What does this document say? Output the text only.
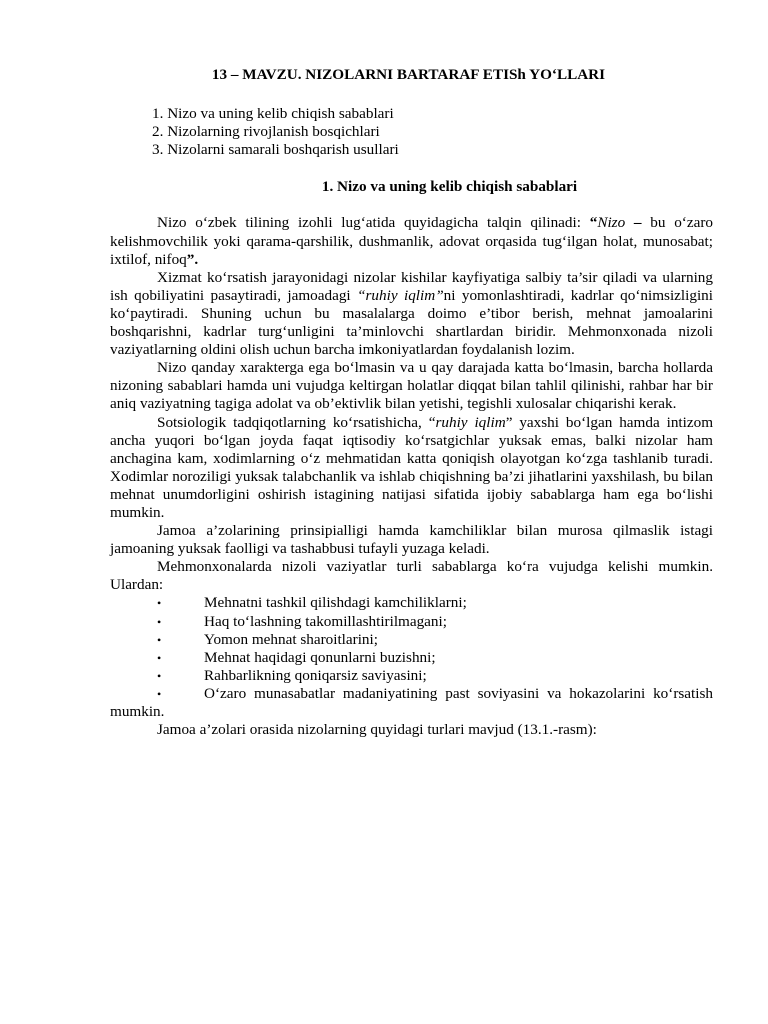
13 – MAVZU. NIZOLARNI BARTARAF ETISh YO‘LLARI
1. Nizo va uning kelib chiqish sabablari
2. Nizolarning rivojlanish bosqichlari
3. Nizolarni samarali boshqarish usullari
1. Nizo va uning kelib chiqish sabablari

Nizo o‘zbek tilining izohli lug‘atida quyidagicha talqin qilinadi: “Nizo – bu o‘zaro kelishmovchilik yoki qarama-qarshilik, dushmanlik, adovat orqasida tug‘ilgan holat, munosabat; ixtilof, nifoq”.

Xizmat ko‘rsatish jarayonidagi nizolar kishilar kayfiyatiga salbiy ta’sir qiladi va ularning ish qobiliyatini pasaytiradi, jamoadagi “ruhiy iqlim”ni yomonlashtiradi, kadrlar qo‘nimsizligini ko‘paytiradi. Shuning uchun bu masalalarga doimo e’tibor berish, mehnat jamoalarini boshqarishni, kadrlar turg‘unligini ta’minlovchi shartlardan biridir. Mehmonxonada nizoli vaziyatlarning oldini olish uchun barcha imkoniyatlardan foydalanish lozim.

Nizo qanday xarakterga ega bo‘lmasin va u qay darajada katta bo‘lmasin, barcha hollarda nizoning sabablari hamda uni vujudga keltirgan holatlar diqqat bilan tahlil qilinishi, rahbar har bir aniq vaziyatning tagiga adolat va ob’ektivlik bilan yetishi, tegishli xulosalar chiqarishi kerak.

Sotsiologik tadqiqotlarning ko‘rsatishicha, “ruhiy iqlim” yaxshi bo‘lgan hamda intizom ancha yuqori bo‘lgan joyda faqat iqtisodiy ko‘rsatgichlar yuksak emas, balki nizolar ham anchagina kam, xodimlarning o‘z mehmatidan katta qoniqish olayotgan ko‘zga tashlanib turadi. Xodimlar noroziligi yuksak talabchanlik va ishlab chiqishning ba’zi jihatlarini yaxshilash, bu bilan mehnat unumdorligini oshirish istagining natijasi sifatida ijobiy sabablarga ham ega bo‘lishi mumkin.

Jamoa a’zolarining prinsipialligi hamda kamchiliklar bilan murosa qilmaslik istagi jamoaning yuksak faolligi va tashabbusi tufayli yuzaga keladi.

Mehmonxonalarda nizoli vaziyatlar turli sabablarga ko‘ra vujudga kelishi mumkin. Ulardan:

•	Mehnatni tashkil qilishdagi kamchiliklarni;
•	Haq to‘lashning takomillashtirilmagani;
•	Yomon mehnat sharoitlarini;
•	Mehnat haqidagi qonunlarni buzishni;
•	Rahbarlikning qoniqarsiz saviyasini;
•	O‘zaro munasabatlar madaniyatining past soviyasini va hokazolarini ko‘rsatish mumkin.

Jamoa a’zolari orasida nizolarning quyidagi turlari mavjud (13.1.-rasm):
